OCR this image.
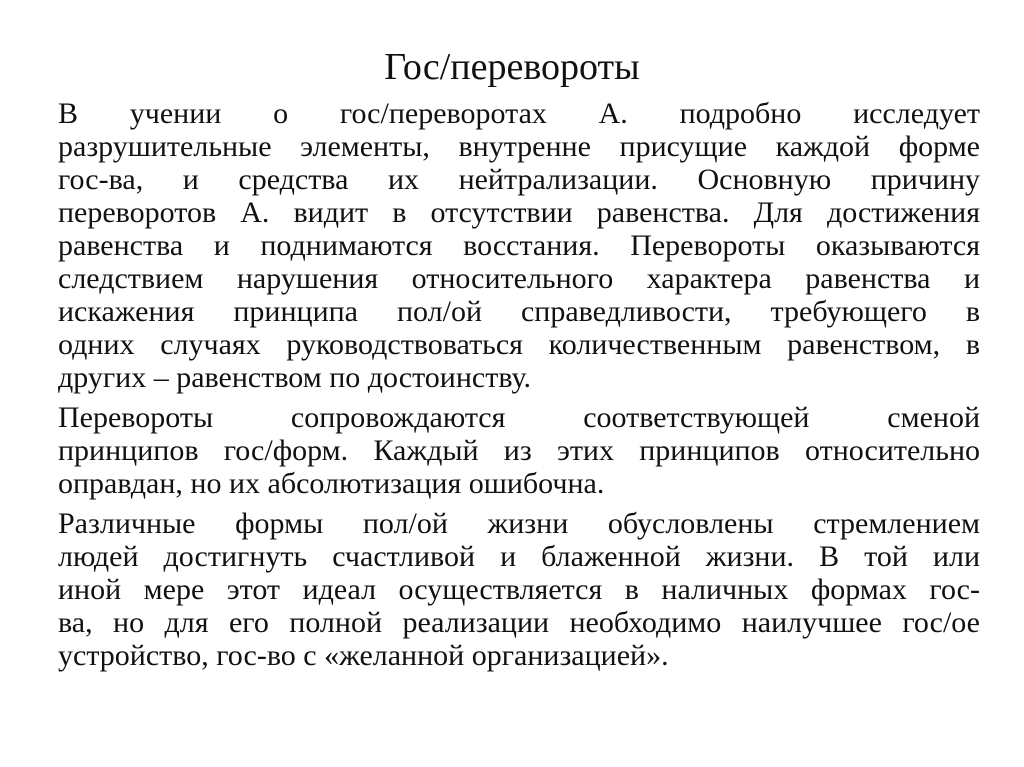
Гос/перевороты
В учении о гос/переворотах А. подробно исследует
разрушительные элементы, внутренне присущие каждой форме
гос-ва, и средства их нейтрализации. Основную причину
переворотов А. видит в отсутствии равенства. Для достижения
равенства и поднимаются восстания. Перевороты оказываются
следствием нарушения относительного характера равенства и
искажения принципа пол/ой справедливости, требующего в
одних случаях руководствоваться количественным равенством, в
других – равенством по достоинству.
Перевороты сопровождаются соответствующей сменой
принципов гос/форм. Каждый из этих принципов относительно
оправдан, но их абсолютизация ошибочна.
Различные формы пол/ой жизни обусловлены стремлением
людей достигнуть счастливой и блаженной жизни. В той или
иной мере этот идеал осуществляется в наличных формах гос-
ва, но для его полной реализации необходимо наилучшее гос/ое
устройство, гос-во с «желанной организацией».
